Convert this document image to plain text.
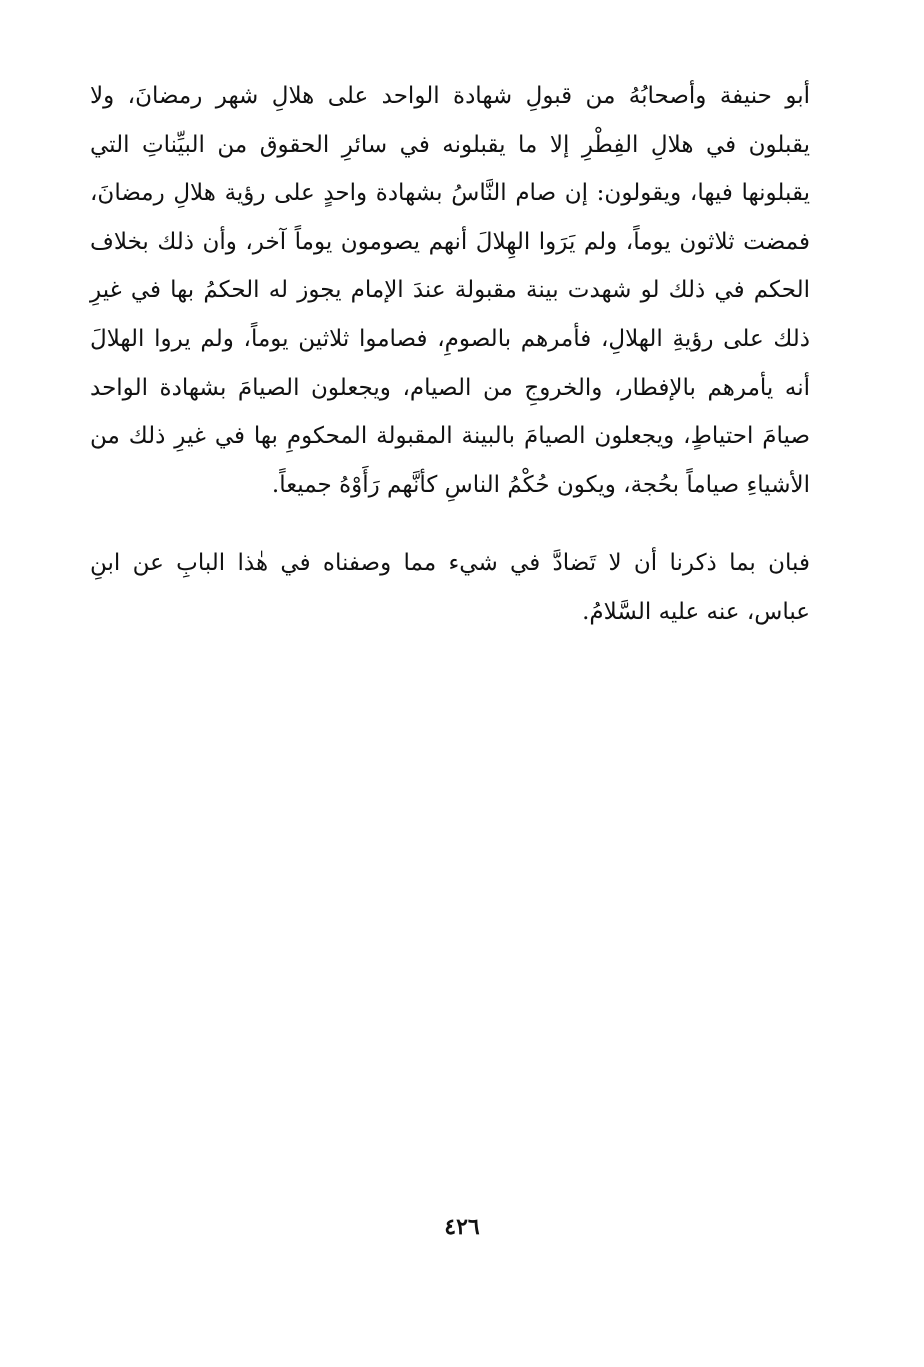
أبو حنيفة وأصحابُهُ من قبولِ شهادة الواحد على هلالِ شهر رمضانَ، ولا يقبلون في هلالِ الفِطْرِ إلا ما يقبلونه في سائرِ الحقوق من البيِّناتِ التي يقبلونها فيها، ويقولون: إن صام النَّاسُ بشهادة واحدٍ على رؤية هلالِ رمضانَ، فمضت ثلاثون يوماً، ولم يَرَوا الهِلالَ أنهم يصومون يوماً آخر، وأن ذلك بخلاف الحكم في ذلك لو شهدت بينة مقبولة عندَ الإمام يجوز له الحكمُ بها في غيرِ ذلك على رؤيةِ الهلالِ، فأمرهم بالصومِ، فصاموا ثلاثين يوماً، ولم يروا الهلالَ أنه يأمرهم بالإفطار، والخروجِ من الصيام، ويجعلون الصيامَ بشهادة الواحد صيامَ احتياطٍ، ويجعلون الصيامَ بالبينة المقبولة المحكومِ بها في غيرِ ذلك من الأشياءِ صياماً بحُجة، ويكون حُكْمُ الناسِ كأنَّهم رَأَوْهُ جميعاً.

فبان بما ذكرنا أن لا تَضادَّ في شيء مما وصفناه في هٰذا البابِ عن ابنِ عباس، عنه عليه السَّلامُ.

٤٢٦
